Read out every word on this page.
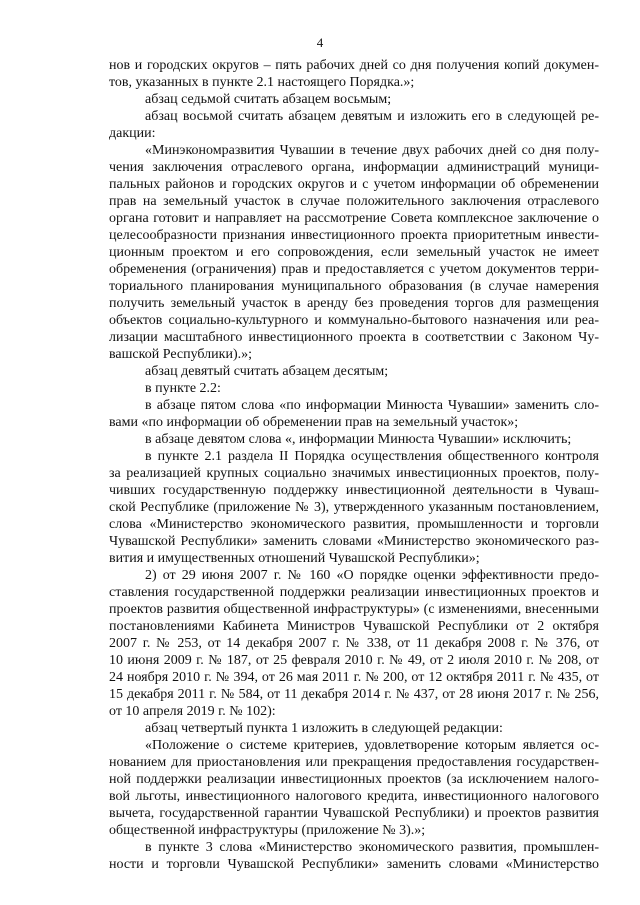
4
нов и городских округов – пять рабочих дней со дня получения копий докумен-
тов, указанных в пункте 2.1 настоящего Порядка.»;
абзац седьмой считать абзацем восьмым;
абзац восьмой считать абзацем девятым и изложить его в следующей ре-
дакции:
«Минэкономразвития Чувашии в течение двух рабочих дней со дня полу-
чения заключения отраслевого органа, информации администраций муници-
пальных районов и городских округов и с учетом информации об обременении
прав на земельный участок в случае положительного заключения отраслевого
органа готовит и направляет на рассмотрение Совета комплексное заключение о
целесообразности признания инвестиционного проекта приоритетным инвести-
ционным проектом и его сопровождения, если земельный участок не имеет
обременения (ограничения) прав и предоставляется с учетом документов терри-
ториального планирования муниципального образования (в случае намерения
получить земельный участок в аренду без проведения торгов для размещения
объектов социально-культурного и коммунально-бытового назначения или реа-
лизации масштабного инвестиционного проекта в соответствии с Законом Чу-
вашской Республики).»;
абзац девятый считать абзацем десятым;
в пункте 2.2:
в абзаце пятом слова «по информации Минюста Чувашии» заменить сло-
вами «по информации об обременении прав на земельный участок»;
в абзаце девятом слова «, информации Минюста Чувашии» исключить;
в пункте 2.1 раздела II Порядка осуществления общественного контроля
за реализацией крупных социально значимых инвестиционных проектов, полу-
чивших государственную поддержку инвестиционной деятельности в Чуваш-
ской Республике (приложение № 3), утвержденного указанным постановлением,
слова «Министерство экономического развития, промышленности и торговли
Чувашской Республики» заменить словами «Министерство экономического раз-
вития и имущественных отношений Чувашской Республики»;
2) от 29 июня 2007 г. № 160 «О порядке оценки эффективности предо-
ставления государственной поддержки реализации инвестиционных проектов и
проектов развития общественной инфраструктуры» (с изменениями, внесенными
постановлениями Кабинета Министров Чувашской Республики от 2 октября
2007 г. № 253, от 14 декабря 2007 г. № 338, от 11 декабря 2008 г. № 376, от
10 июня 2009 г. № 187, от 25 февраля 2010 г. № 49, от 2 июля 2010 г. № 208, от
24 ноября 2010 г. № 394, от 26 мая 2011 г. № 200, от 12 октября 2011 г. № 435, от
15 декабря 2011 г. № 584, от 11 декабря 2014 г. № 437, от 28 июня 2017 г. № 256,
от 10 апреля 2019 г. № 102):
абзац четвертый пункта 1 изложить в следующей редакции:
«Положение о системе критериев, удовлетворение которым является ос-
нованием для приостановления или прекращения предоставления государствен-
ной поддержки реализации инвестиционных проектов (за исключением налого-
вой льготы, инвестиционного налогового кредита, инвестиционного налогового
вычета, государственной гарантии Чувашской Республики) и проектов развития
общественной инфраструктуры (приложение № 3).»;
в пункте 3 слова «Министерство экономического развития, промышлен-
ности и торговли Чувашской Республики» заменить словами «Министерство
